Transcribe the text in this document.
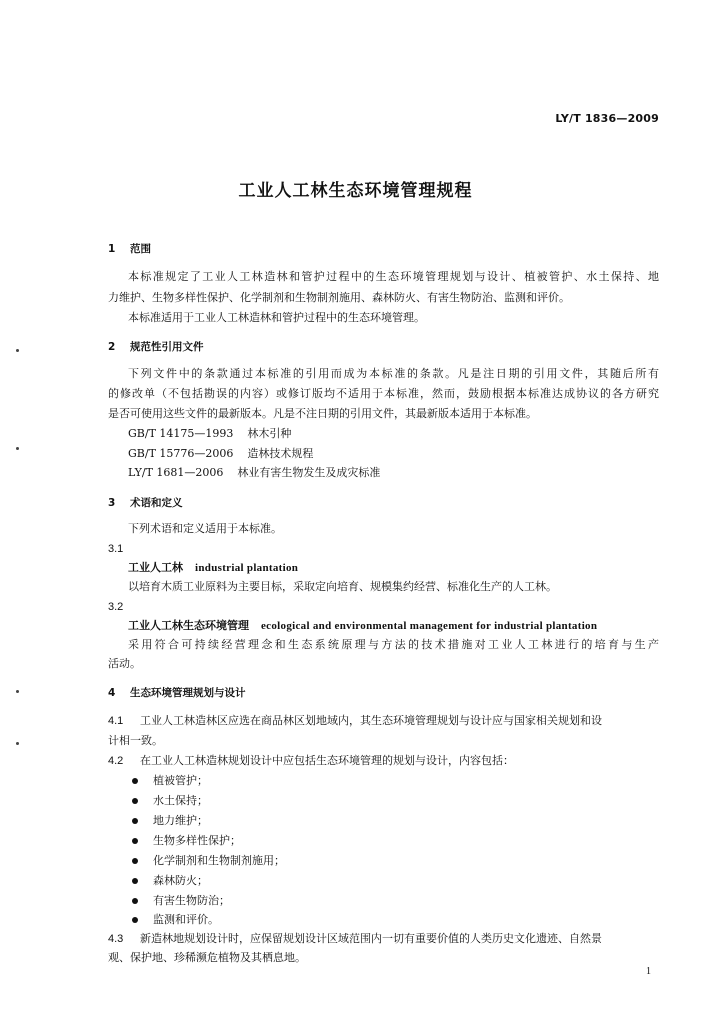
LY/T 1836—2009
工业人工林生态环境管理规程
1 范围
本标准规定了工业人工林造林和管护过程中的生态环境管理规划与设计、植被管护、水土保持、地
力维护、生物多样性保护、化学制剂和生物制剂施用、森林防火、有害生物防治、监测和评价。
本标准适用于工业人工林造林和管护过程中的生态环境管理。
2 规范性引用文件
下列文件中的条款通过本标准的引用而成为本标准的条款。凡是注日期的引用文件，其随后所有
的修改单（不包括勘误的内容）或修订版均不适用于本标准，然而，鼓励根据本标准达成协议的各方研究
是否可使用这些文件的最新版本。凡是不注日期的引用文件，其最新版本适用于本标准。
GB/T 14175—1993 林木引种
GB/T 15776—2006 造林技术规程
LY/T 1681—2006 林业有害生物发生及成灾标准
3 术语和定义
下列术语和定义适用于本标准。
3.1
工业人工林 industrial plantation
以培育木质工业原料为主要目标，采取定向培育、规模集约经营、标准化生产的人工林。
3.2
工业人工林生态环境管理 ecological and environmental management for industrial plantation
采用符合可持续经营理念和生态系统原理与方法的技术措施对工业人工林进行的培育与生产
活动。
4 生态环境管理规划与设计
4.1 工业人工林造林区应选在商品林区划地域内，其生态环境管理规划与设计应与国家相关规划和设
计相一致。
4.2 在工业人工林造林规划设计中应包括生态环境管理的规划与设计，内容包括：
植被管护；
水土保持；
地力维护；
生物多样性保护；
化学制剂和生物制剂施用；
森林防火；
有害生物防治；
监测和评价。
4.3 新造林地规划设计时，应保留规划设计区域范围内一切有重要价值的人类历史文化遗迹、自然景
观、保护地、珍稀濒危植物及其栖息地。
1
